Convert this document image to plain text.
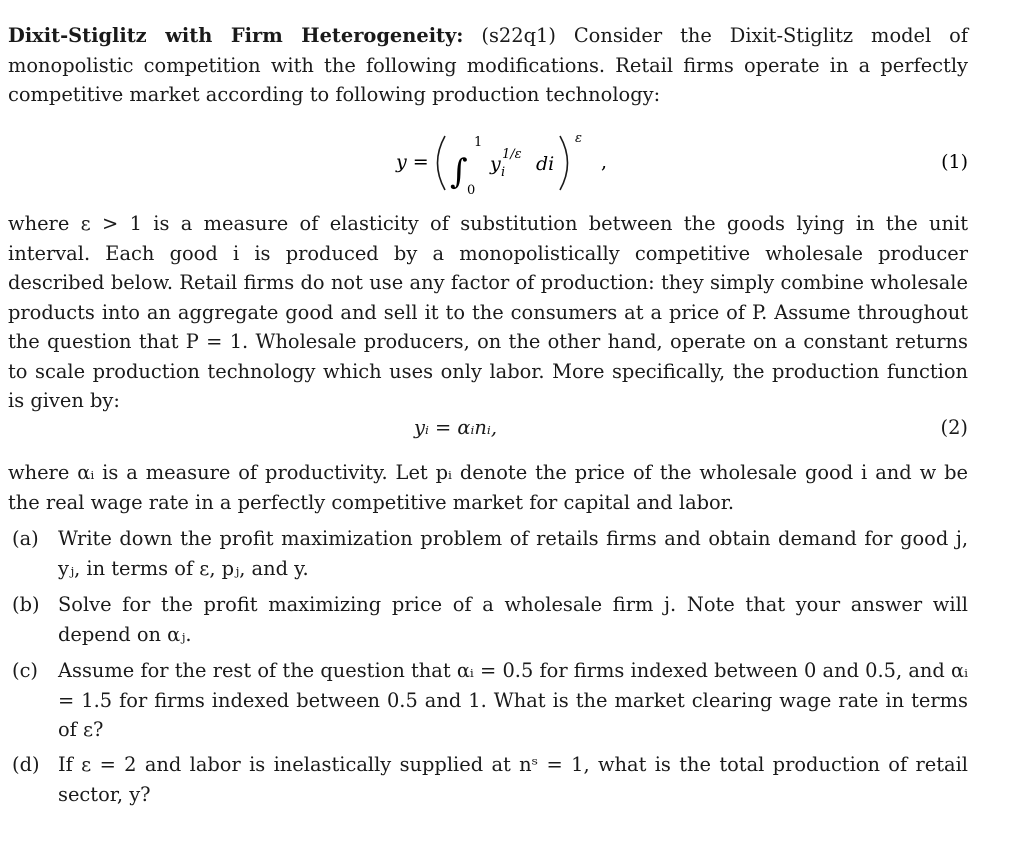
Dixit-Stiglitz with Firm Heterogeneity: (s22q1) Consider the Dixit-Stiglitz model of monopolistic competition with the following modifications. Retail firms operate in a perfectly competitive market according to following production technology:
y = ∫
1
0
y i
1/ε di
ε
,	(1)
where ε > 1 is a measure of elasticity of substitution between the goods lying in the unit interval. Each good i is produced by a monopolistically competitive wholesale producer described below. Retail firms do not use any factor of production: they simply combine wholesale products into an aggregate good and sell it to the consumers at a price of P. Assume throughout the question that P = 1. Wholesale producers, on the other hand, operate on a constant returns to scale production technology which uses only labor. More specifically, the production function is given by:
yᵢ = αᵢnᵢ,	(2)
where αᵢ is a measure of productivity. Let pᵢ denote the price of the wholesale good i and w be the real wage rate in a perfectly competitive market for capital and labor.
(a) Write down the profit maximization problem of retails firms and obtain demand for good j, yⱼ, in terms of ε, pⱼ, and y.
(b) Solve for the profit maximizing price of a wholesale firm j. Note that your answer will depend on αⱼ.
(c)	Assume for the rest of the question that αᵢ = 0.5 for firms indexed between 0 and 0.5, and αᵢ = 1.5 for firms indexed between 0.5 and 1. What is the market clearing wage rate in terms of ε?
(d) If ε = 2 and labor is inelastically supplied at nˢ = 1, what is the total production of retail sector, y?
